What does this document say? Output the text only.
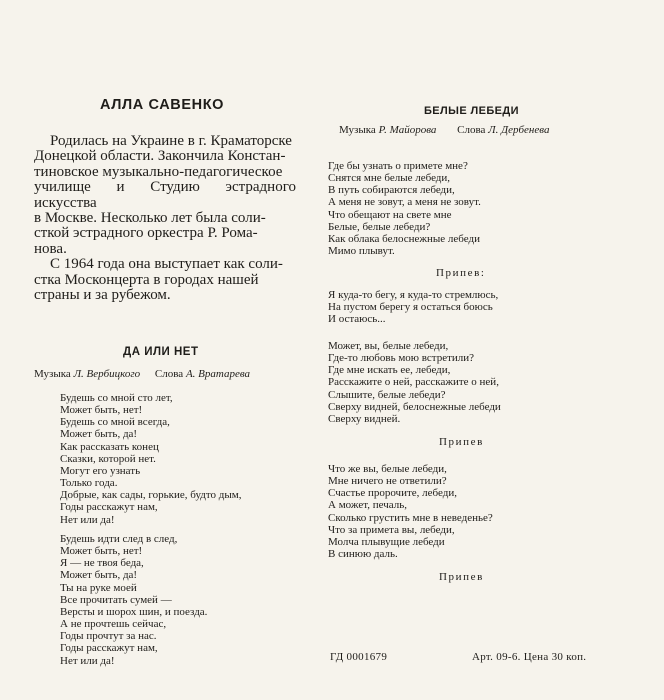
АЛЛА САВЕНКО

Родилась на Украине в г. Краматорске
Донецкой области. Закончила Констан-
тиновское музыкально-педагогическое
училище и Студию эстрадного искусства
в Москве. Несколько лет была соли-
сткой эстрадного оркестра Р. Рома-
нова.

С 1964 года она выступает как соли-
стка Москонцерта в городах нашей
страны и за рубежом.

ДА ИЛИ НЕТ
Музыка Л. Вербицкого Слова А. Вратарева
Будешь со мной сто лет,
Может быть, нет!
Будешь со мной всегда,
Может быть, да!
Как рассказать конец
Сказки, которой нет.
Могут его узнать
Только года.
Добрые, как сады, горькие, будто дым,
Годы расскажут нам,
Нет или да!
Будешь идти след в след,
Может быть, нет!
Я — не твоя беда,
Может быть, да!
Ты на руке моей
Все прочитать сумей —
Версты и шорох шин, и поезда.
А не прочтешь сейчас,
Годы прочтут за нас.
Годы расскажут нам,
Нет или да!
БЕЛЫЕ ЛЕБЕДИ
Музыка Р. Майорова Слова Л. Дербенева
Где бы узнать о примете мне?
Снятся мне белые лебеди,
В путь собираются лебеди,
А меня не зовут, а меня не зовут.
Что обещают на свете мне
Белые, белые лебеди?
Как облака белоснежные лебеди
Мимо плывут.
Припев:
Я куда-то бегу, я куда-то стремлюсь,
На пустом берегу я остаться боюсь
И остаюсь...
Может, вы, белые лебеди,
Где-то любовь мою встретили?
Где мне искать ее, лебеди,
Расскажите о ней, расскажите о ней,
Слышите, белые лебеди?
Сверху видней, белоснежные лебеди
Сверху видней.
Припев
Что же вы, белые лебеди,
Мне ничего не ответили?
Счастье пророчите, лебеди,
А может, печаль,
Сколько грустить мне в неведенье?
Что за примета вы, лебеди,
Молча плывущие лебеди
В синюю даль.
Припев
ГД 0001679	Арт. 09-6. Цена 30 коп.
